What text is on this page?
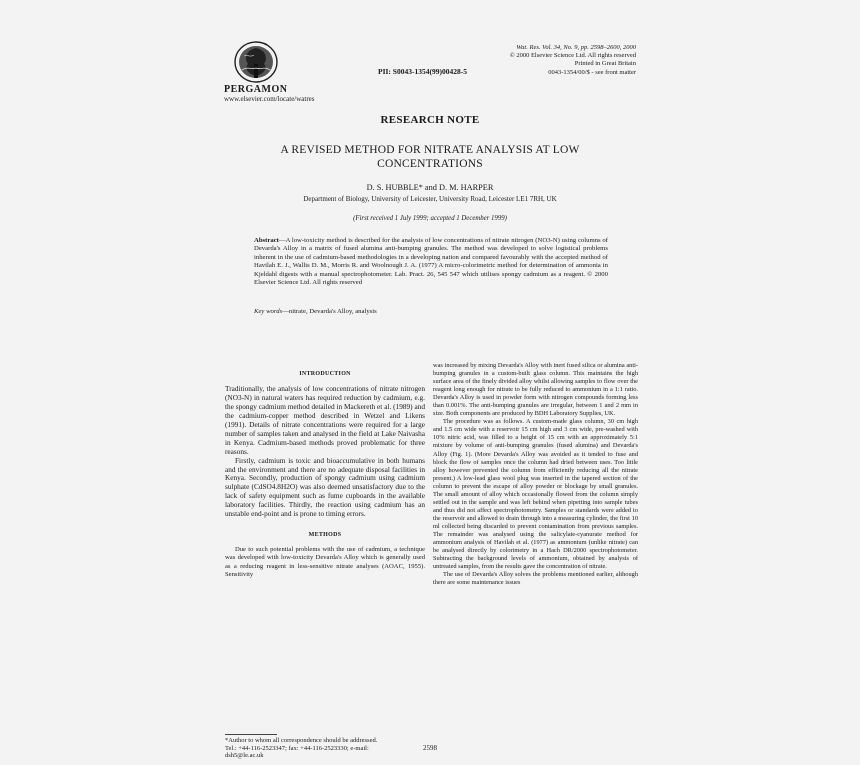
PERGAMON
www.elsevier.com/locate/watres
PII: S0043-1354(99)00428-5
Wat. Res. Vol. 34, No. 9, pp. 2598–2600, 2000
© 2000 Elsevier Science Ltd. All rights reserved
Printed in Great Britain
0043-1354/00/$ - see front matter
RESEARCH NOTE
A REVISED METHOD FOR NITRATE ANALYSIS AT LOW CONCENTRATIONS
D. S. HUBBLE* and D. M. HARPER
Department of Biology, University of Leicester, University Road, Leicester LE1 7RH, UK
(First received 1 July 1999; accepted 1 December 1999)
Abstract—A low-toxicity method is described for the analysis of low concentrations of nitrate nitrogen (NO3-N) using columns of Devarda's Alloy in a matrix of fused alumina anti-bumping granules. The method was developed to solve logistical problems inherent in the use of cadmium-based methodologies in a developing nation and compared favourably with the accepted method of Havilah E. J., Wallis D. M., Morris R. and Woolnough J. A. (1977) A micro-colorimetric method for determination of ammonia in Kjeldahl digests with a manual spectrophotometer. Lab. Pract. 26, 545 547 which utilises spongy cadmium as a reagent. © 2000 Elsevier Science Ltd. All rights reserved
Key words—nitrate, Devarda's Alloy, analysis
INTRODUCTION

Traditionally, the analysis of low concentrations of nitrate nitrogen (NO3-N) in natural waters has required reduction by cadmium, e.g. the spongy cadmium method detailed in Mackereth et al. (1989) and the cadmium-copper method described in Wetzel and Likens (1991). Details of nitrate concentrations were required for a large number of samples taken and analysed in the field at Lake Naivasha in Kenya. Cadmium-based methods proved problematic for three reasons.

Firstly, cadmium is toxic and bioaccumulative in both humans and the environment and there are no adequate disposal facilities in Kenya. Secondly, production of spongy cadmium using cadmium sulphate (CdSO4.8H2O) was also deemed unsatisfactory due to the lack of safety equipment such as fume cupboards in the available laboratory facilities. Thirdly, the reaction using cadmium has an unstable end-point and is prone to timing errors.

METHODS

Due to such potential problems with the use of cadmium, a technique was developed with low-toxicity Devarda's Alloy which is generally used as a reducing reagent in less-sensitive nitrate analyses (AOAC, 1955). Sensitivity

was increased by mixing Devarda's Alloy with inert fused silica or alumina anti-bumping granules in a custom-built glass column. This maintains the high surface area of the finely divided alloy whilst allowing samples to flow over the reagent long enough for nitrate to be fully reduced to ammonium in a 1:1 ratio. Devarda's Alloy is used in powder form with nitrogen compounds forming less than 0.001%. The anti-bumping granules are irregular, between 1 and 2 mm in size. Both components are produced by BDH Laboratory Supplies, UK.

The procedure was as follows. A custom-made glass column, 30 cm high and 1.5 cm wide with a reservoir 15 cm high and 3 cm wide, pre-washed with 10% nitric acid, was filled to a height of 15 cm with an approximately 5:1 mixture by volume of anti-bumping granules (fused alumina) and Devarda's Alloy (Fig. 1). (More Devarda's Alloy was avoided as it tended to fuse and block the flow of samples once the column had dried between uses. Too little alloy however prevented the column from efficiently reducing all the nitrate present.) A low-lead glass wool plug was inserted in the tapered section of the column to prevent the escape of alloy powder or blockage by small granules. The small amount of alloy which occasionally flowed from the column simply settled out in the sample and was left behind when pipetting into sample tubes and thus did not affect spectrophotometry. Samples or standards were added to the reservoir and allowed to drain through into a measuring cylinder, the first 10 ml collected being discarded to prevent contamination from previous samples. The remainder was analysed using the salicylate-cyanurate method for ammonium analysis of Havilah et al. (1977) as ammonium (unlike nitrate) can be analysed directly by colorimetry in a Hach DR/2000 spectrophotometer. Subtracting the background levels of ammonium, obtained by analysis of untreated samples, from the results gave the concentration of nitrate.

The use of Devarda's Alloy solves the problems mentioned earlier, although there are some maintenance issues

*Author to whom all correspondence should be addressed.
Tel.: +44-116-2523347; fax: +44-116-2523330; e-mail:
dsh5@le.ac.uk
2598
